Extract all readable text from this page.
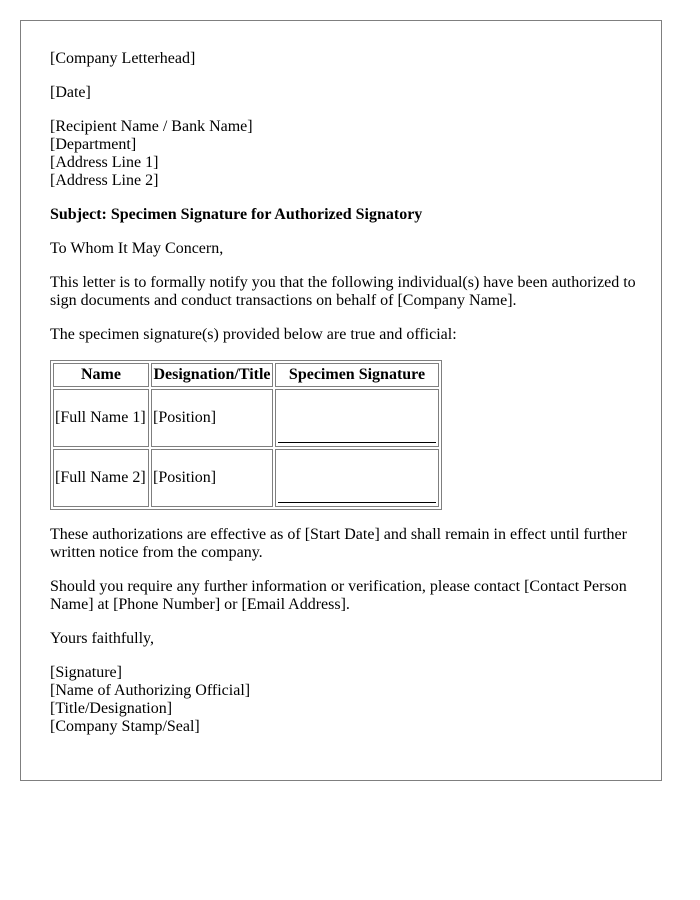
[Company Letterhead]

[Date]

[Recipient Name / Bank Name]
[Department]
[Address Line 1]
[Address Line 2]

Subject: Specimen Signature for Authorized Signatory

To Whom It May Concern,

This letter is to formally notify you that the following individual(s) have been authorized to sign documents and conduct transactions on behalf of [Company Name].

The specimen signature(s) provided below are true and official:

Name	Designation/Title	Specimen Signature
[Full Name 1]	[Position]	

[Full Name 2]	[Position]	

These authorizations are effective as of [Start Date] and shall remain in effect until further written notice from the company.

Should you require any further information or verification, please contact [Contact Person Name] at [Phone Number] or [Email Address].

Yours faithfully,

[Signature]
[Name of Authorizing Official]
[Title/Designation]
[Company Stamp/Seal]
